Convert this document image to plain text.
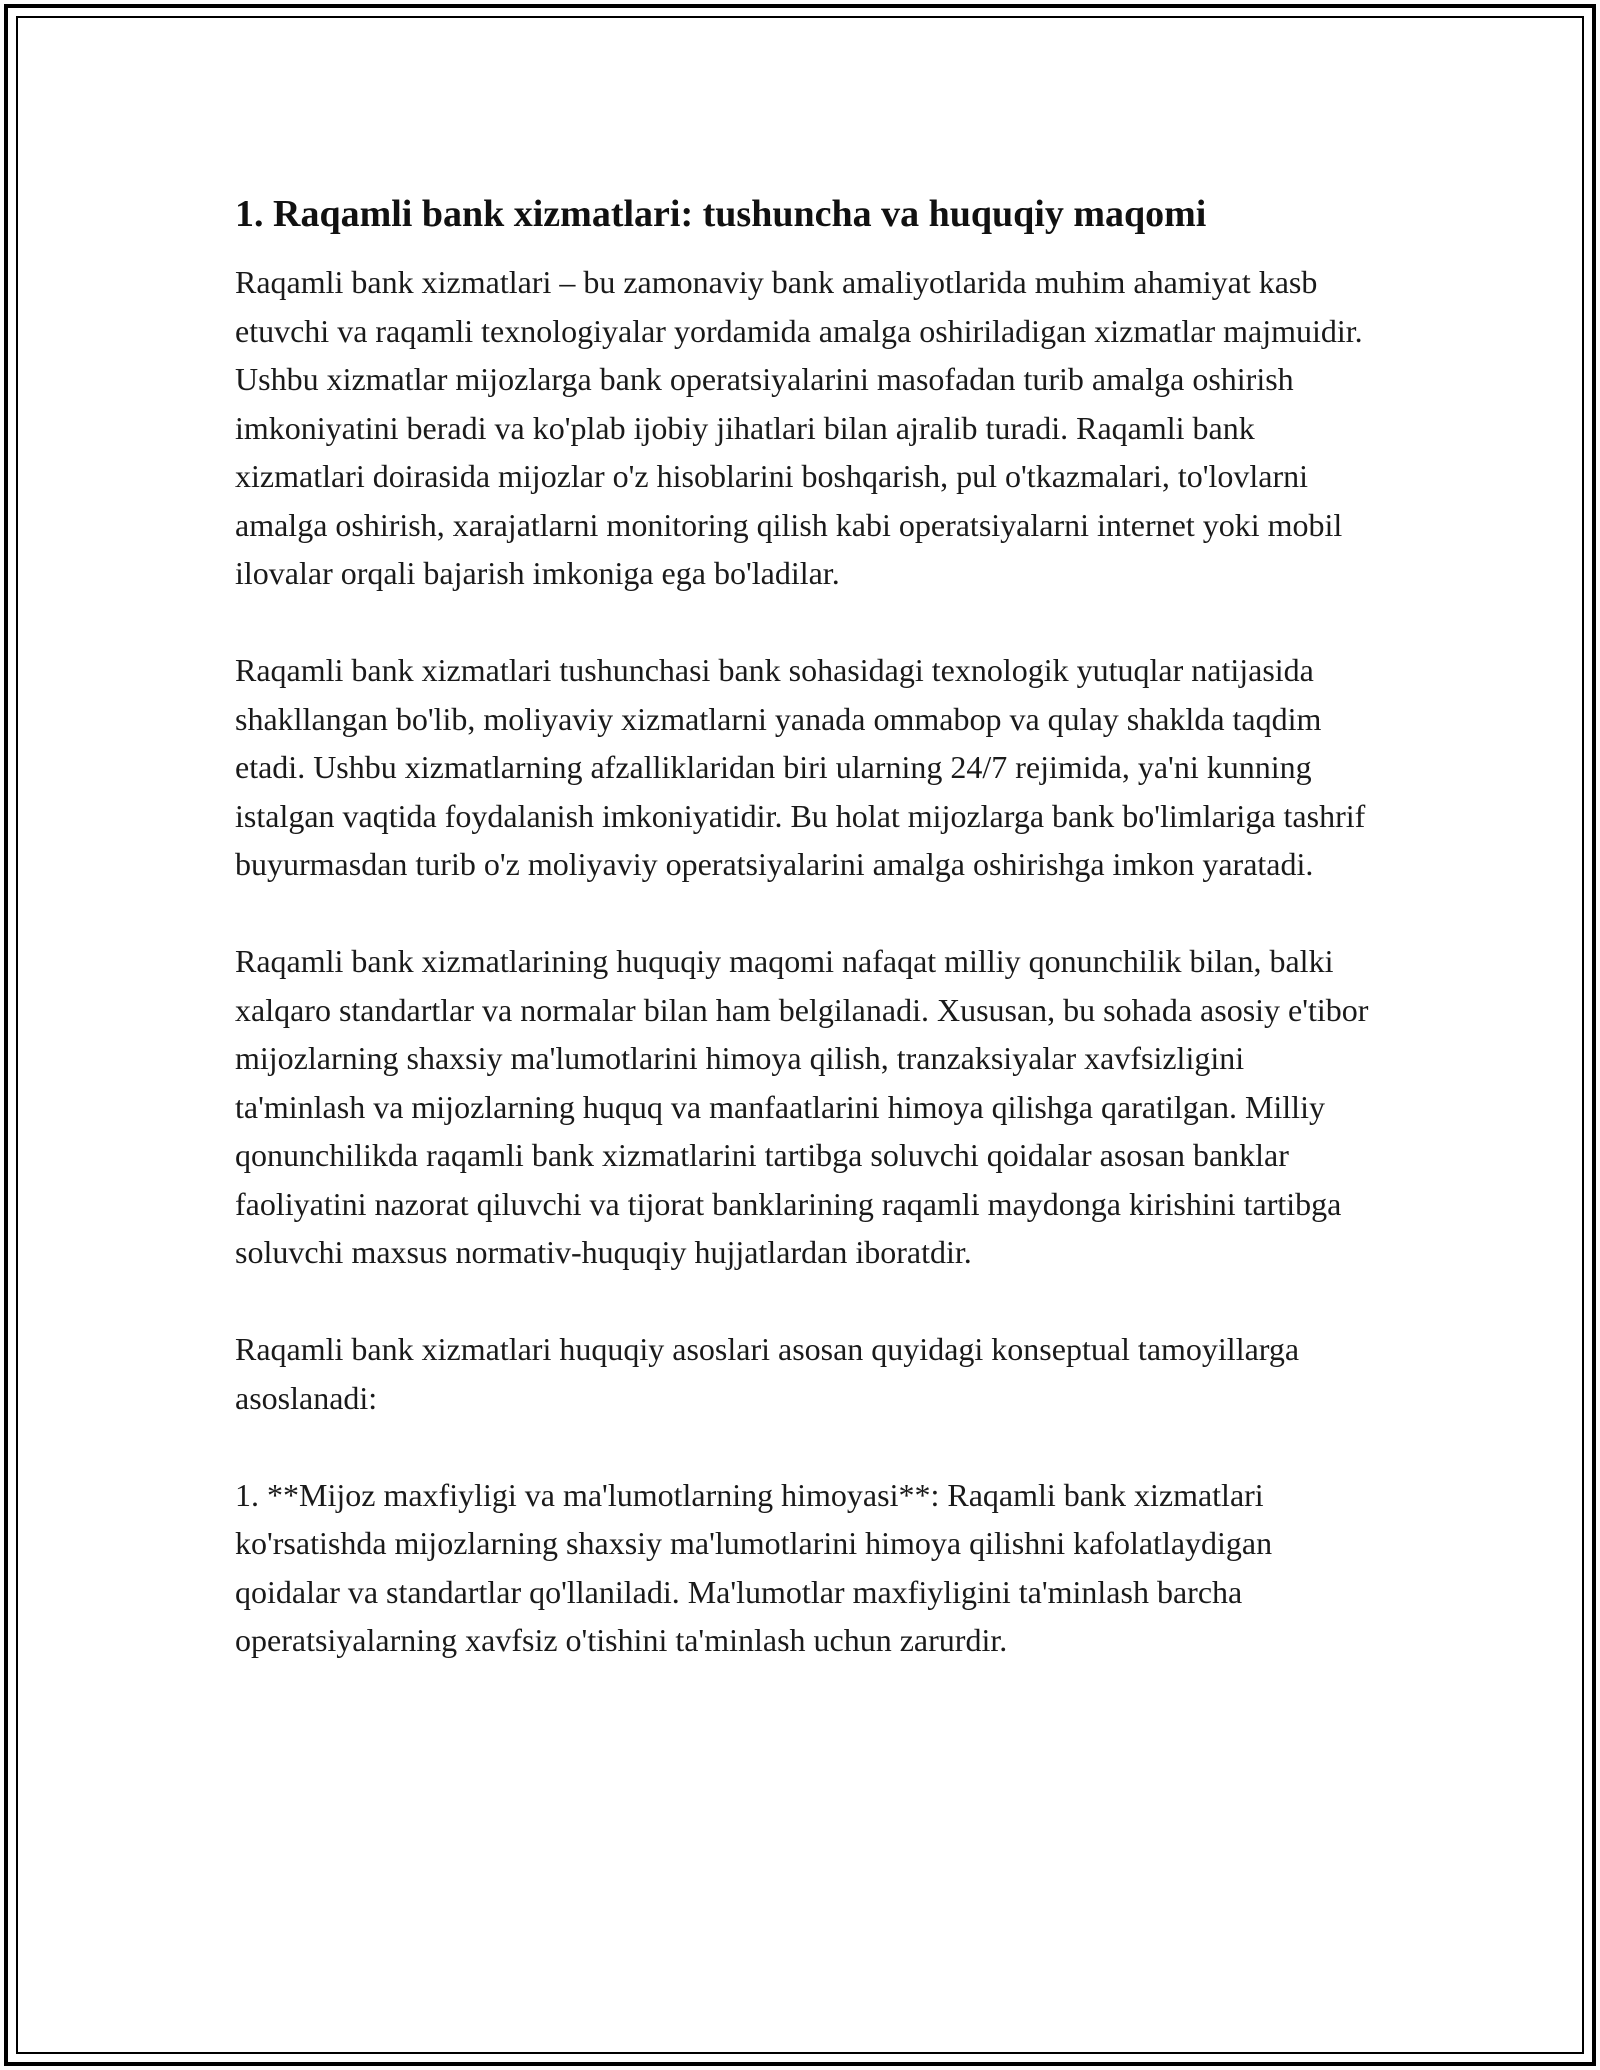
1. Raqamli bank xizmatlari: tushuncha va huquqiy maqomi

Raqamli bank xizmatlari – bu zamonaviy bank amaliyotlarida muhim ahamiyat kasb etuvchi va raqamli texnologiyalar yordamida amalga oshiriladigan xizmatlar majmuidir. Ushbu xizmatlar mijozlarga bank operatsiyalarini masofadan turib amalga oshirish imkoniyatini beradi va ko'plab ijobiy jihatlari bilan ajralib turadi. Raqamli bank xizmatlari doirasida mijozlar o'z hisoblarini boshqarish, pul o'tkazmalari, to'lovlarni amalga oshirish, xarajatlarni monitoring qilish kabi operatsiyalarni internet yoki mobil ilovalar orqali bajarish imkoniga ega bo'ladilar.

Raqamli bank xizmatlari tushunchasi bank sohasidagi texnologik yutuqlar natijasida shakllangan bo'lib, moliyaviy xizmatlarni yanada ommabop va qulay shaklda taqdim etadi. Ushbu xizmatlarning afzalliklaridan biri ularning 24/7 rejimida, ya'ni kunning istalgan vaqtida foydalanish imkoniyatidir. Bu holat mijozlarga bank bo'limlariga tashrif buyurmasdan turib o'z moliyaviy operatsiyalarini amalga oshirishga imkon yaratadi.

Raqamli bank xizmatlarining huquqiy maqomi nafaqat milliy qonunchilik bilan, balki xalqaro standartlar va normalar bilan ham belgilanadi. Xususan, bu sohada asosiy e'tibor mijozlarning shaxsiy ma'lumotlarini himoya qilish, tranzaksiyalar xavfsizligini ta'minlash va mijozlarning huquq va manfaatlarini himoya qilishga qaratilgan. Milliy qonunchilikda raqamli bank xizmatlarini tartibga soluvchi qoidalar asosan banklar faoliyatini nazorat qiluvchi va tijorat banklarining raqamli maydonga kirishini tartibga soluvchi maxsus normativ-huquqiy hujjatlardan iboratdir.

Raqamli bank xizmatlari huquqiy asoslari asosan quyidagi konseptual tamoyillarga asoslanadi:

1. **Mijoz maxfiyligi va ma'lumotlarning himoyasi**: Raqamli bank xizmatlari ko'rsatishda mijozlarning shaxsiy ma'lumotlarini himoya qilishni kafolatlaydigan qoidalar va standartlar qo'llaniladi. Ma'lumotlar maxfiyligini ta'minlash barcha operatsiyalarning xavfsiz o'tishini ta'minlash uchun zarurdir.
